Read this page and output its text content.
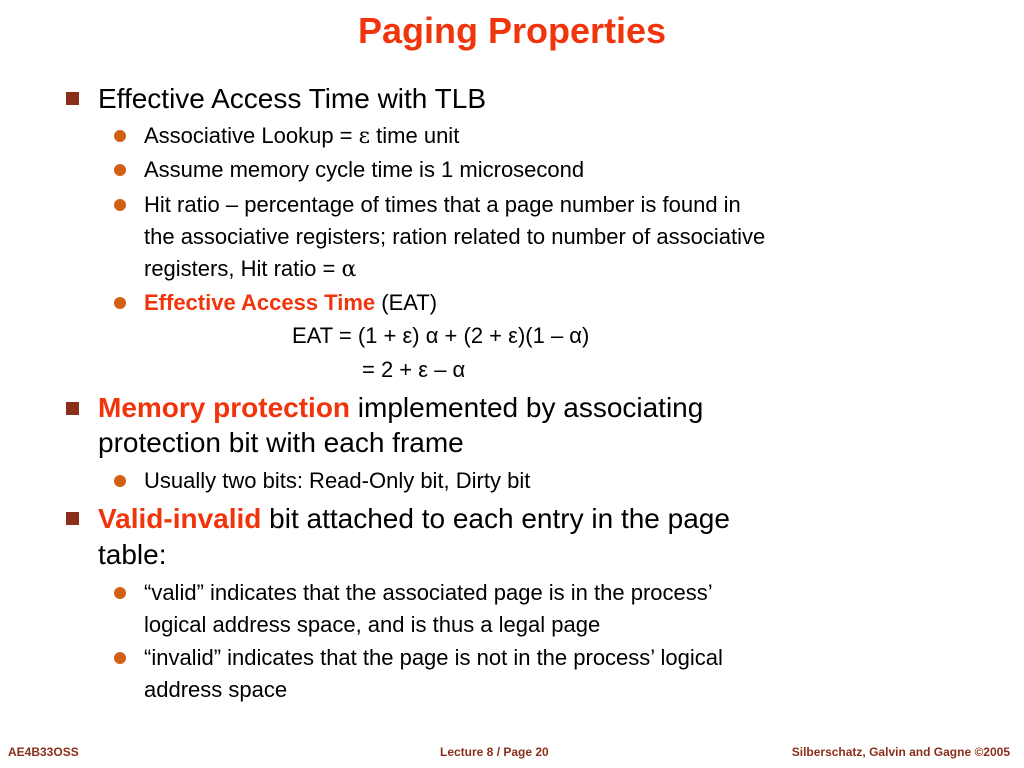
Paging Properties
Effective Access Time with TLB
Associative Lookup = ε time unit
Assume memory cycle time is 1 microsecond
Hit ratio – percentage of times that a page number is found in
the associative registers; ration related to number of associative
registers, Hit ratio = α
Effective Access Time (EAT)
EAT = (1 + ε) α + (2 + ε)(1 – α)
= 2 + ε – α
Memory protection implemented by associating
protection bit with each frame
Usually two bits: Read-Only bit, Dirty bit
Valid-invalid bit attached to each entry in the page
table:
“valid” indicates that the associated page is in the process’
logical address space, and is thus a legal page
“invalid” indicates that the page is not in the process’ logical
address space
AE4B33OSS	Lecture 8 / Page 20	Silberschatz, Galvin and Gagne ©2005
